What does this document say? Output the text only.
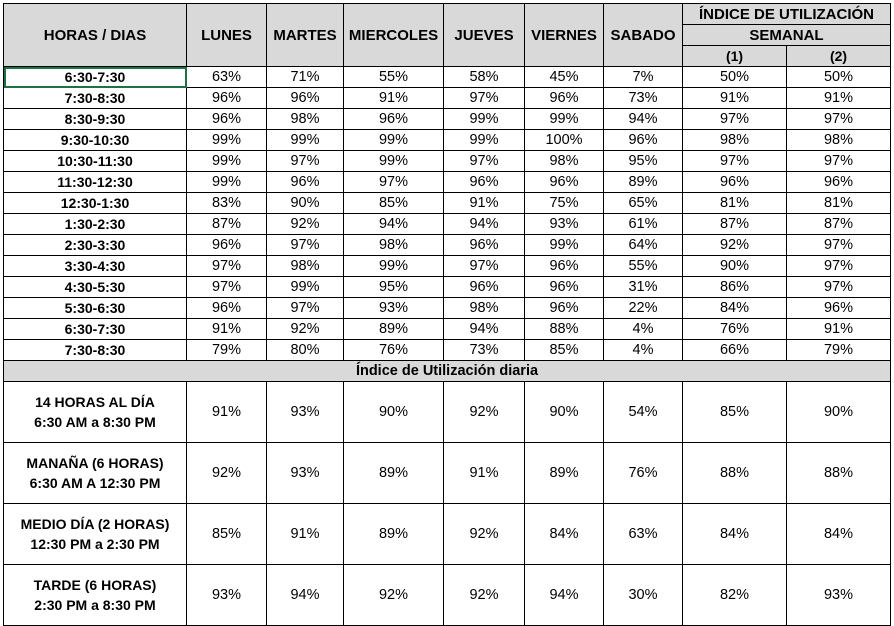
HORAS / DIAS	LUNES	MARTES	MIERCOLES	JUEVES	VIERNES	SABADO	ÍNDICE DE UTILIZACIÓN	
							SEMANAL	
							(1)	(2)
6:30-7:30	63%	71%	55%	58%	45%	7%	50%	50%
7:30-8:30	96%	96%	91%	97%	96%	73%	91%	91%
8:30-9:30	96%	98%	96%	99%	99%	94%	97%	97%
9:30-10:30	99%	99%	99%	99%	100%	96%	98%	98%
10:30-11:30	99%	97%	99%	97%	98%	95%	97%	97%
11:30-12:30	99%	96%	97%	96%	96%	89%	96%	96%
12:30-1:30	83%	90%	85%	91%	75%	65%	81%	81%
1:30-2:30	87%	92%	94%	94%	93%	61%	87%	87%
2:30-3:30	96%	97%	98%	96%	99%	64%	92%	97%
3:30-4:30	97%	98%	99%	97%	96%	55%	90%	97%
4:30-5:30	97%	99%	95%	96%	96%	31%	86%	97%
5:30-6:30	96%	97%	93%	98%	96%	22%	84%	96%
6:30-7:30	91%	92%	89%	94%	88%	4%	76%	91%
7:30-8:30	79%	80%	76%	73%	85%	4%	66%	79%
Índice de Utilización diaria								

14 HORAS AL DÍA
6:30 AM a 8:30 PM	91%	93%	90%	92%	90%	54%	85%	90%

MANAÑA (6 HORAS)
6:30 AM A 12:30 PM	92%	93%	89%	91%	89%	76%	88%	88%

MEDIO DÍA (2 HORAS)
12:30 PM a 2:30 PM	85%	91%	89%	92%	84%	63%	84%	84%

TARDE (6 HORAS)
2:30 PM a 8:30 PM	93%	94%	92%	92%	94%	30%	82%	93%
